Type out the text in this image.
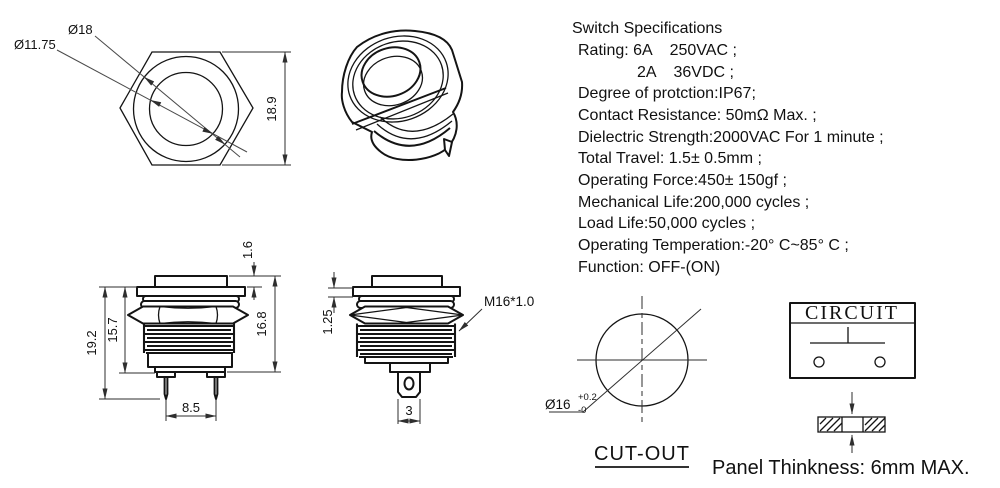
Ø18
Ø11.75
18.9
Switch Specifications
Rating: 6A    250VAC ;
2A    36VDC ;
Degree of protction:IP67;
Contact Resistance: 50mΩ Max. ;
Dielectric Strength:2000VAC For 1 minute ;
Total Travel: 1.5± 0.5mm ;
Operating Force:450± 150gf ;
Mechanical Life:200,000 cycles ;
Load Life:50,000 cycles ;
Operating Temperation:-20° C~85° C ;
Function: OFF-(ON)
19.2
15.7
1.6
16.8
8.5
1.25
M16*1.0
3	Ø16 +0.2
-0
CUT-OUT
CIRCUIT
Panel Thinkness: 6mm MAX.
